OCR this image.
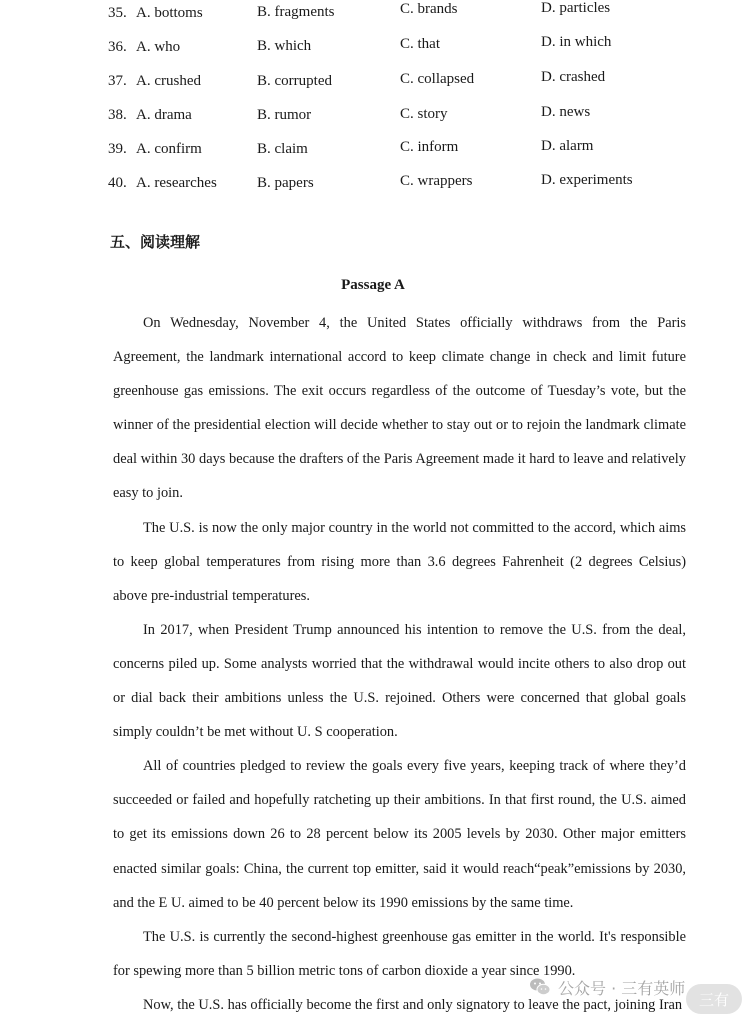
35. A. bottoms	B. fragments	C. brands	D. particles
36. A. who	B. which	C. that	D. in which
37. A. crushed	B. corrupted	C. collapsed	D. crashed
38. A. drama	B. rumor	C. story	D. news
39. A. confirm	B. claim	C. inform	D. alarm
40. A. researches	B. papers	C. wrappers	D. experiments
五、阅读理解
Passage A

On Wednesday, November 4, the United States officially withdraws from the Paris Agreement, the landmark international accord to keep climate change in check and limit future greenhouse gas emissions. The exit occurs regardless of the outcome of Tuesday’s vote, but the winner of the presidential election will decide whether to stay out or to rejoin the landmark climate deal within 30 days because the drafters of the Paris Agreement made it hard to leave and relatively easy to join.

The U.S. is now the only major country in the world not committed to the accord, which aims to keep global temperatures from rising more than 3.6 degrees Fahrenheit (2 degrees Celsius) above pre-industrial temperatures.

In 2017, when President Trump announced his intention to remove the U.S. from the deal, concerns piled up. Some analysts worried that the withdrawal would incite others to also drop out or dial back their ambitions unless the U.S. rejoined. Others were concerned that global goals simply couldn’t be met without U. S cooperation.

All of countries pledged to review the goals every five years, keeping track of where they’d succeeded or failed and hopefully ratcheting up their ambitions. In that first round, the U.S. aimed to get its emissions down 26 to 28 percent below its 2005 levels by 2030. Other major emitters enacted similar goals: China, the current top emitter, said it would reach“peak”emissions by 2030, and the E U. aimed to be 40 percent below its 1990 emissions by the same time.

The U.S. is currently the second-highest greenhouse gas emitter in the world. It's responsible for spewing more than 5 billion metric tons of carbon dioxide a year since 1990.

Now, the U.S. has officially become the first and only signatory to leave the pact, joining Iran

公众号 · 三有英师
三有
